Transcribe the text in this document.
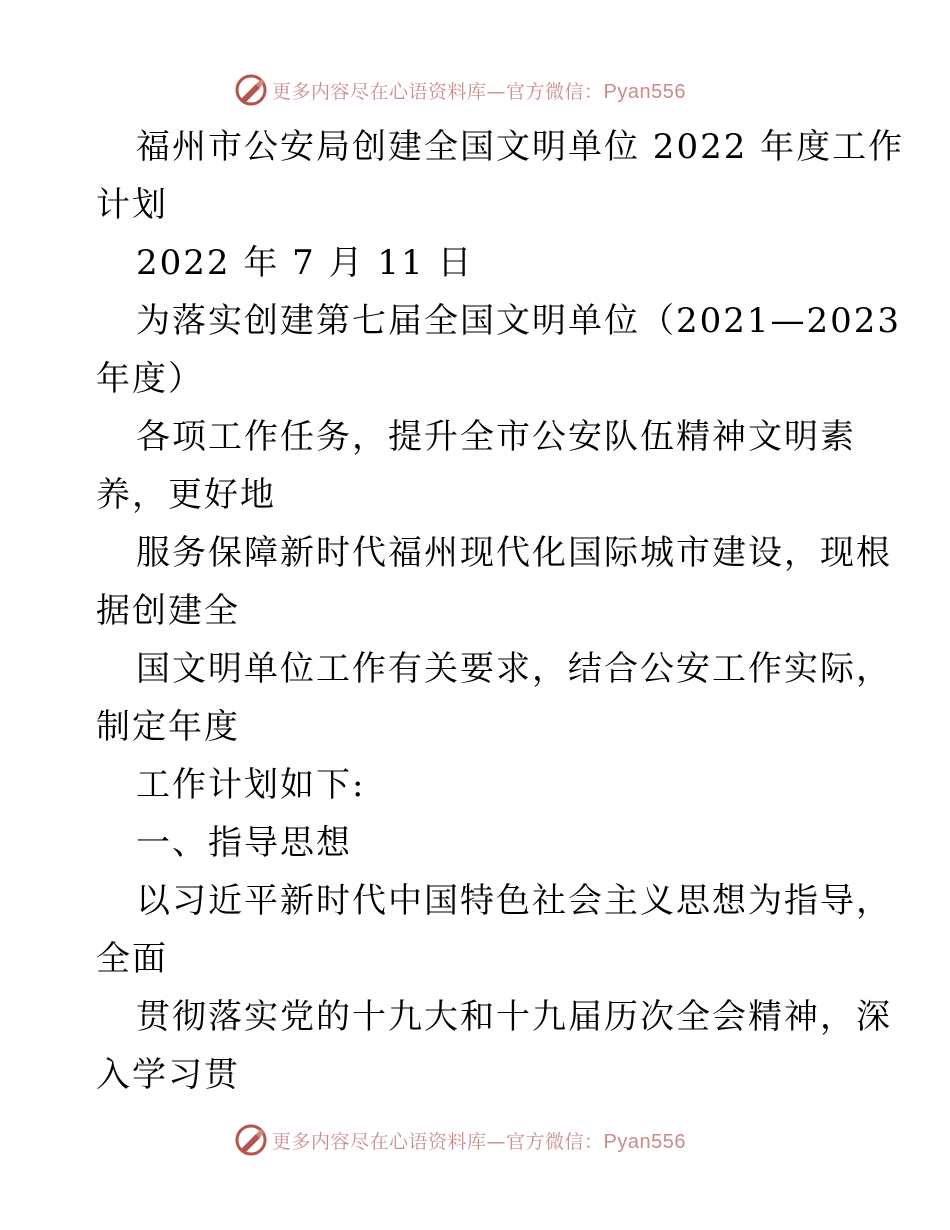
更多内容尽在心语资料库—官方微信：Pyan556
福州市公安局创建全国文明单位 2022 年度工作
计划
2022 年 7 月 11 日
为落实创建第七届全国文明单位（2021—2023
年度）
各项工作任务，提升全市公安队伍精神文明素
养，更好地
服务保障新时代福州现代化国际城市建设，现根
据创建全
国文明单位工作有关要求，结合公安工作实际，
制定年度
工作计划如下:
一、指导思想
以习近平新时代中国特色社会主义思想为指导，
全面
贯彻落实党的十九大和十九届历次全会精神，深
入学习贯
更多内容尽在心语资料库—官方微信：Pyan556
